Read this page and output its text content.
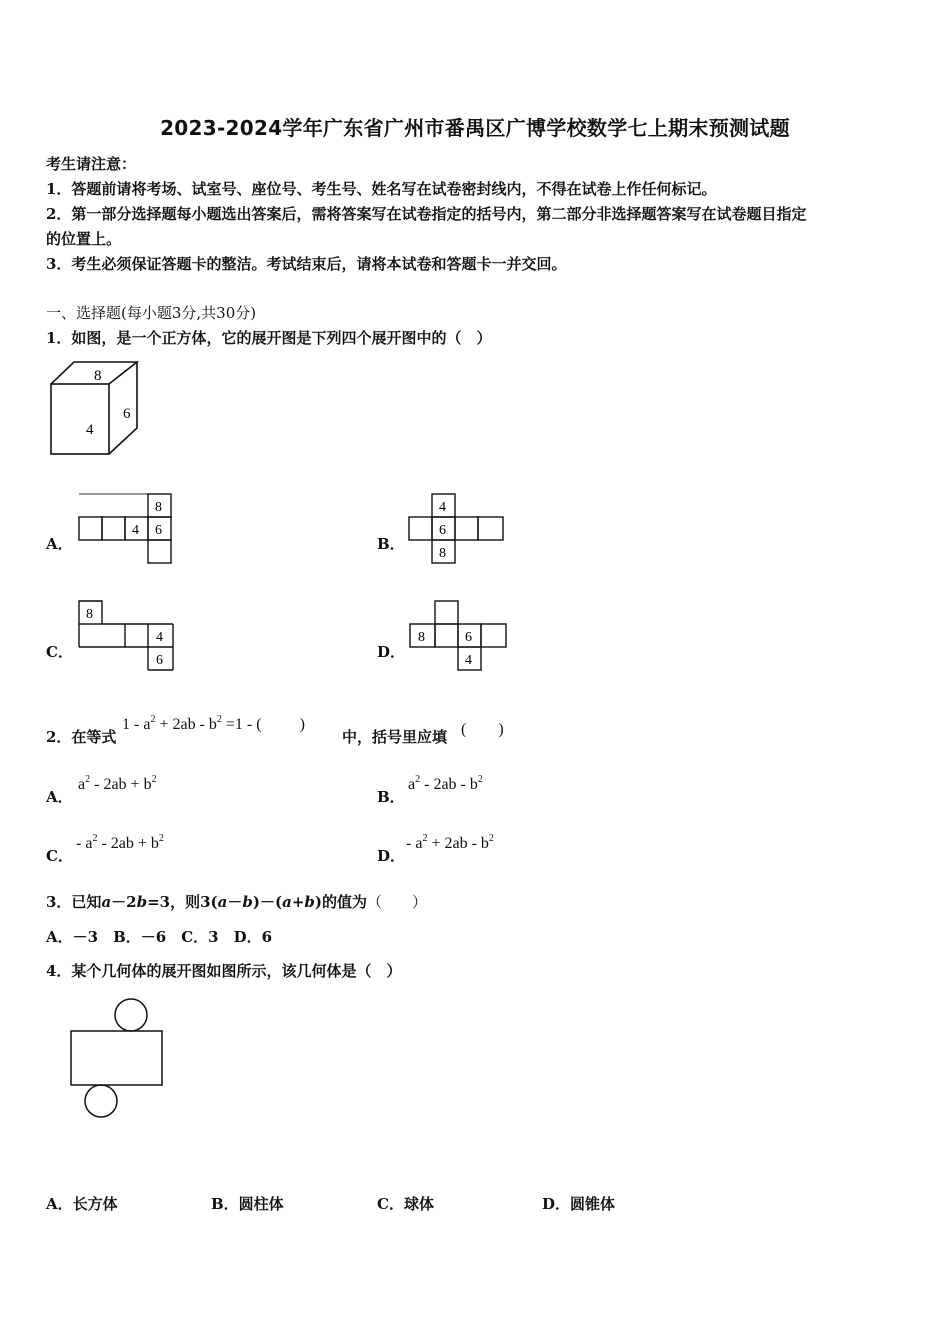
2023-2024学年广东省广州市番禺区广博学校数学七上期末预测试题
考生请注意：
1．答题前请将考场、试室号、座位号、考生号、姓名写在试卷密封线内，不得在试卷上作任何标记。
2．第一部分选择题每小题选出答案后，需将答案写在试卷指定的括号内，第二部分非选择题答案写在试卷题目指定
的位置上。
3．考生必须保证答题卡的整洁。考试结束后，请将本试卷和答题卡一并交回。
一、选择题(每小题3分,共30分)
1．如图，是一个正方体，它的展开图是下列四个展开图中的（　）
8
4
6
A．
8
4 6
B．
4
6
8
C．
8
4
6	D．
8	6
4
2．在等式
$1 - a^2 + 2ab - b^2 =1$ - ( )
中，括号里应填 (　　)
A．
$a^2 - 2ab + b^2$
B．
$a^2 - 2ab - b^2$
C．
- $a^2 - 2ab + b^2$
D．
- $a^2 + 2ab - b^2$
3．已知a－2b=3，则3(a－b)－(a+b)的值为（　　）
A．－3　B．－6　C．3　D．6
4．某个几何体的展开图如图所示，该几何体是（　）
A．长方体	B．圆柱体	C．球体	D．圆锥体
